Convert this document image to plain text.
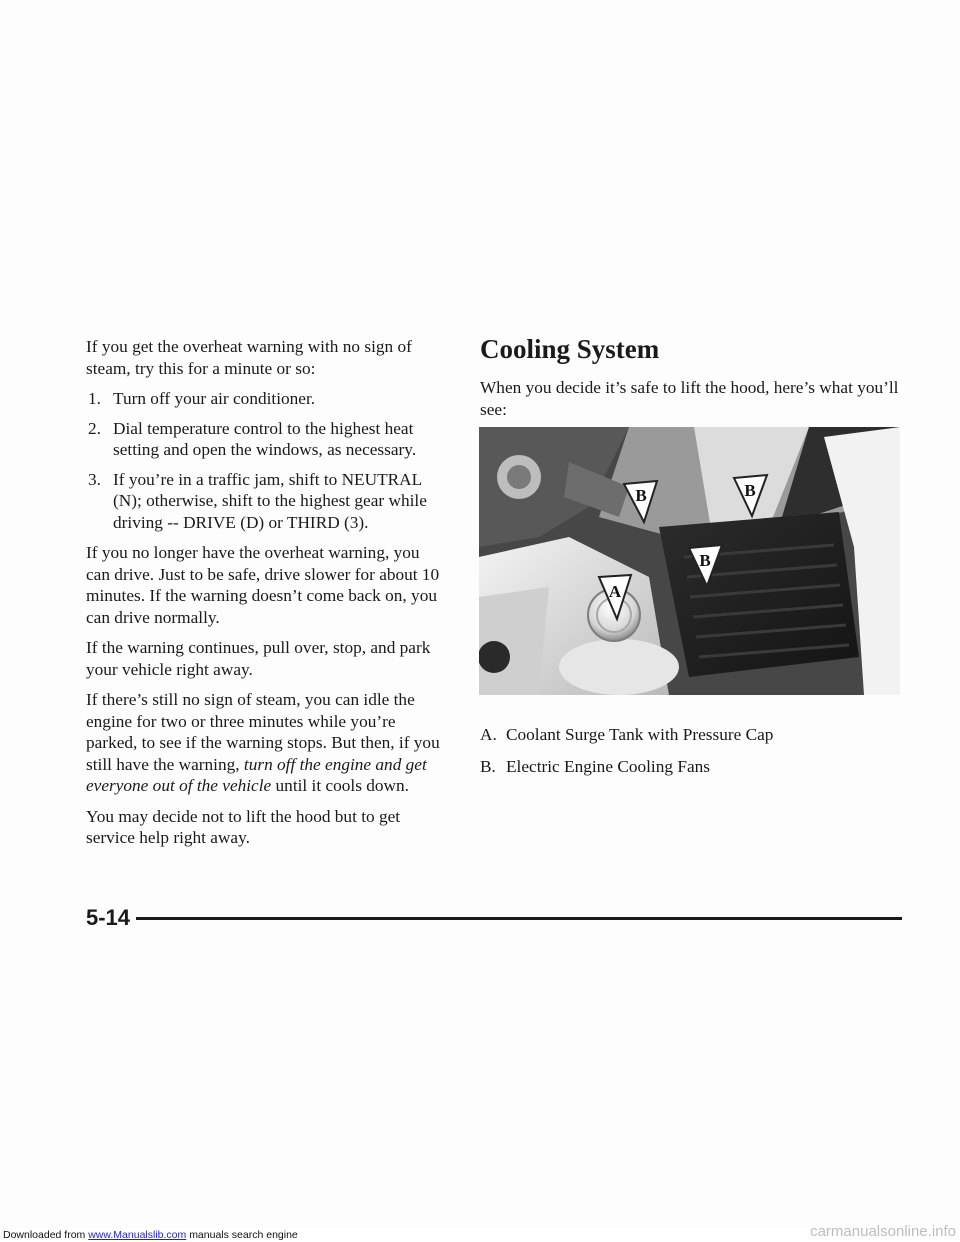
If you get the overheat warning with no sign of steam, try this for a minute or so:

1. Turn off your air conditioner.
2. Dial temperature control to the highest heat setting and open the windows, as necessary.
3. If you’re in a traffic jam, shift to NEUTRAL (N); otherwise, shift to the highest gear while driving -- DRIVE (D) or THIRD (3).

If you no longer have the overheat warning, you can drive. Just to be safe, drive slower for about 10 minutes. If the warning doesn’t come back on, you can drive normally.

If the warning continues, pull over, stop, and park your vehicle right away.

If there’s still no sign of steam, you can idle the engine for two or three minutes while you’re parked, to see if the warning stops. But then, if you still have the warning, turn off the engine and get everyone out of the vehicle until it cools down.

You may decide not to lift the hood but to get service help right away.

Cooling System

When you decide it’s safe to lift the hood, here’s what you’ll see:

B	B
B
A
A. Coolant Surge Tank with Pressure Cap
B. Electric Engine Cooling Fans
5-14
Downloaded from www.Manualslib.com manuals search engine	carmanualsonline.info
